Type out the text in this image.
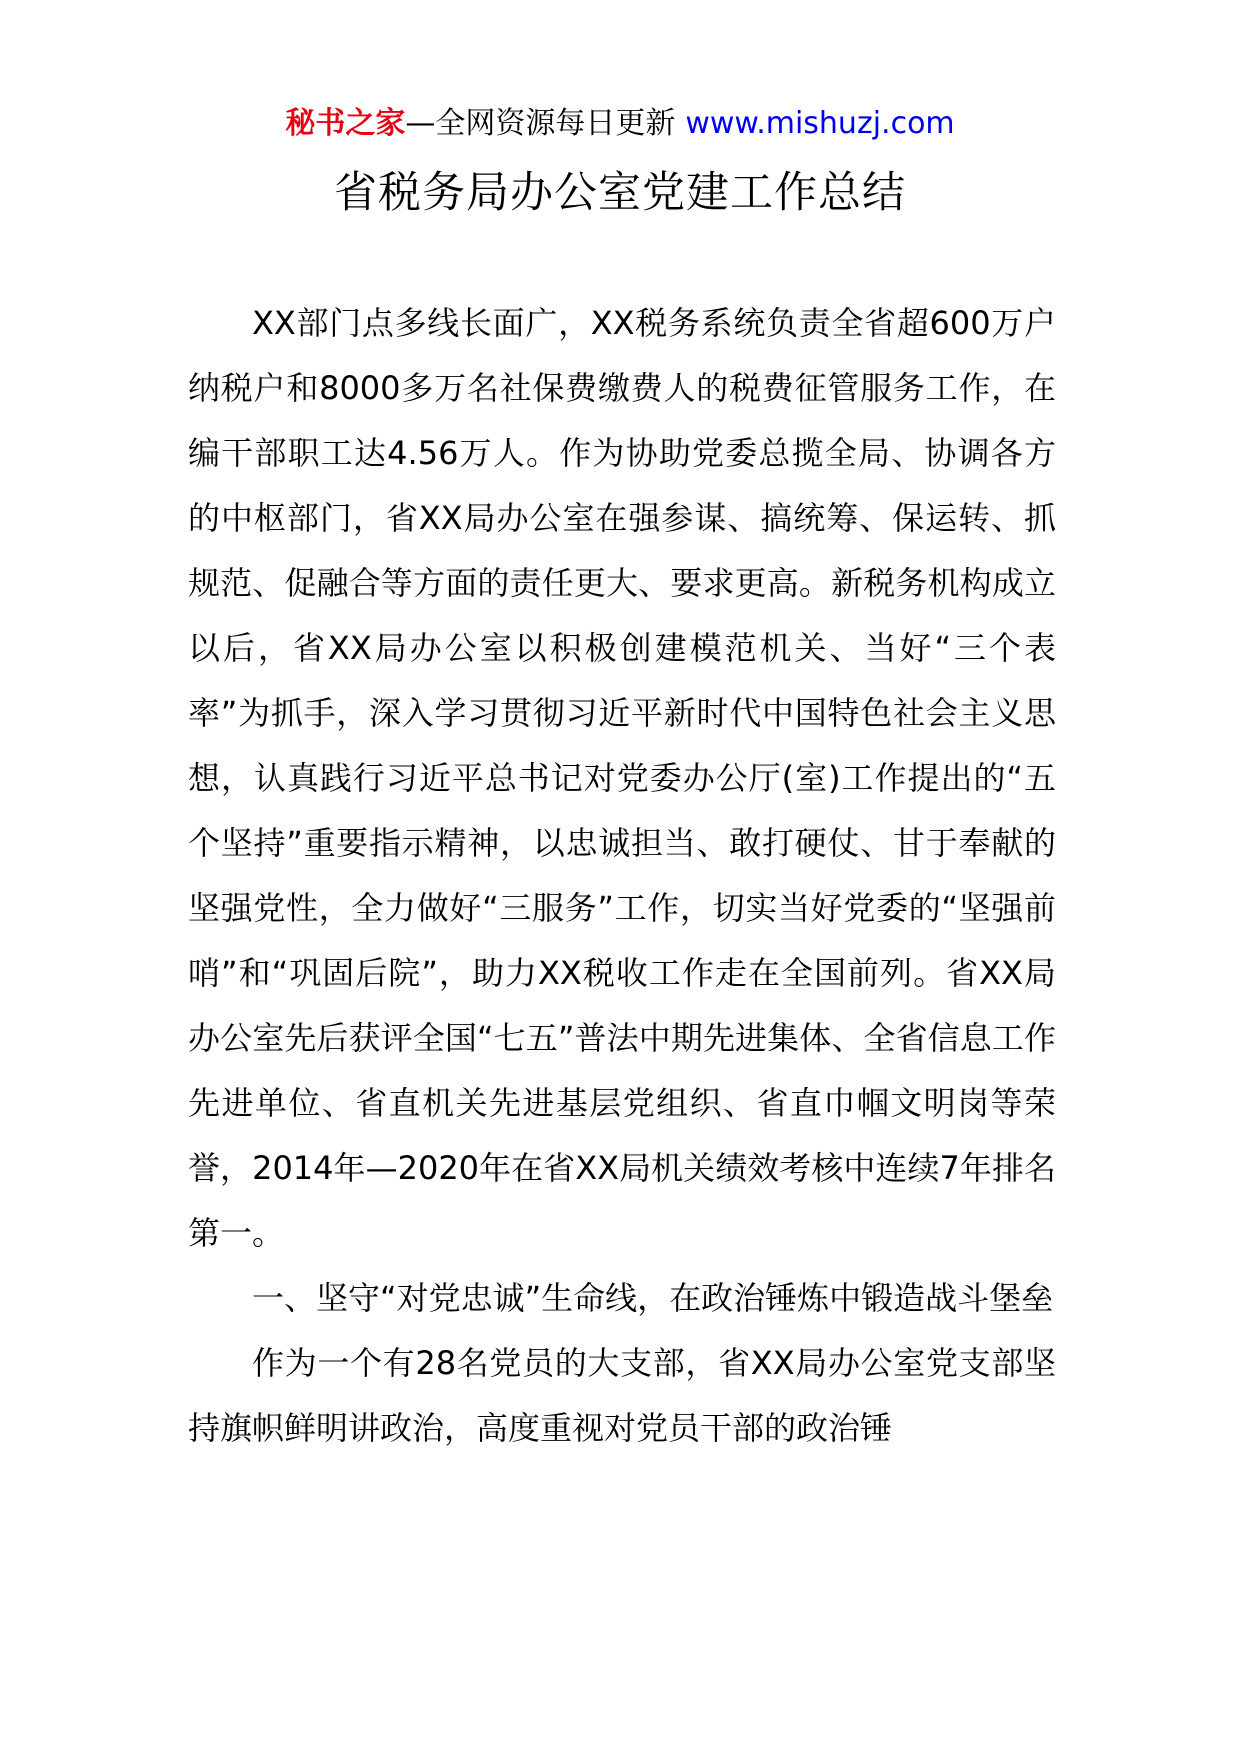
秘书之家—全网资源每日更新 www.mishuzj.com
省税务局办公室党建工作总结

XX部门点多线长面广，XX税务系统负责全省超600万户纳税户和8000多万名社保费缴费人的税费征管服务工作，在编干部职工达4.56万人。作为协助党委总揽全局、协调各方的中枢部门，省XX局办公室在强参谋、搞统筹、保运转、抓规范、促融合等方面的责任更大、要求更高。新税务机构成立以后，省XX局办公室以积极创建模范机关、当好“三个表率”为抓手，深入学习贯彻习近平新时代中国特色社会主义思想，认真践行习近平总书记对党委办公厅(室)工作提出的“五个坚持”重要指示精神，以忠诚担当、敢打硬仗、甘于奉献的坚强党性，全力做好“三服务”工作，切实当好党委的“坚强前哨”和“巩固后院”，助力XX税收工作走在全国前列。省XX局办公室先后获评全国“七五”普法中期先进集体、全省信息工作先进单位、省直机关先进基层党组织、省直巾帼文明岗等荣誉，2014年—2020年在省XX局机关绩效考核中连续7年排名第一。

一、坚守“对党忠诚”生命线，在政治锤炼中锻造战斗堡垒

作为一个有28名党员的大支部，省XX局办公室党支部坚持旗帜鲜明讲政治，高度重视对党员干部的政治锤
